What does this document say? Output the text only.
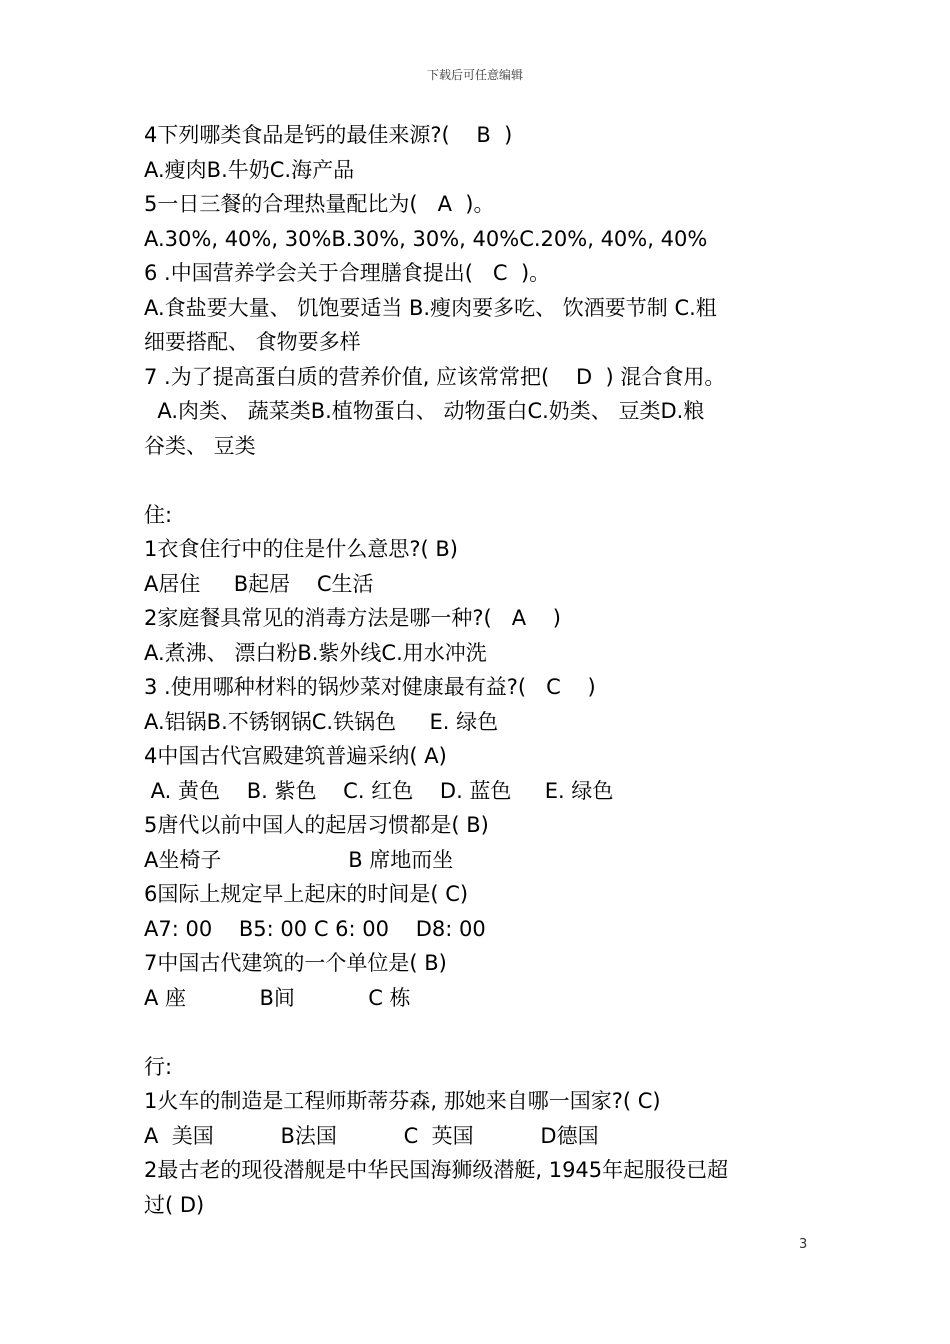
下载后可任意编辑
4下列哪类食品是钙的最佳来源?(    B  )
A.瘦肉B.牛奶C.海产品
5一日三餐的合理热量配比为(   A  )。
A.30%, 40%, 30%B.30%, 30%, 40%C.20%, 40%, 40%
6 .中国营养学会关于合理膳食提出(   C  )。
A.食盐要大量、 饥饱要适当 B.瘦肉要多吃、 饮酒要节制 C.粗
细要搭配、 食物要多样
7 .为了提高蛋白质的营养价值, 应该常常把(    D  ) 混合食用。
A.肉类、 蔬菜类B.植物蛋白、 动物蛋白C.奶类、 豆类D.粮
谷类、 豆类
住:
1衣食住行中的住是什么意思?( B)
A居住     B起居    C生活
2家庭餐具常见的消毒方法是哪一种?(   A    )
A.煮沸、 漂白粉B.紫外线C.用水冲洗
3 .使用哪种材料的锅炒菜对健康最有益?(   C    )
A.铝锅B.不锈钢锅C.铁锅色     E. 绿色
4中国古代宫殿建筑普遍采纳( A)
A. 黄色    B. 紫色    C. 红色    D. 蓝色     E. 绿色
5唐代以前中国人的起居习惯都是( B)
A坐椅子                   B 席地而坐
6国际上规定早上起床的时间是( C)
A7: 00    B5: 00 C 6: 00    D8: 00
7中国古代建筑的一个单位是( B)
A 座           B间           C 栋
行:
1火车的制造是工程师斯蒂芬森, 那她来自哪一国家?( C)
A  美国          B法国          C  英国          D德国
2最古老的现役潜舰是中华民国海狮级潜艇, 1945年起服役已超
过( D)
3
